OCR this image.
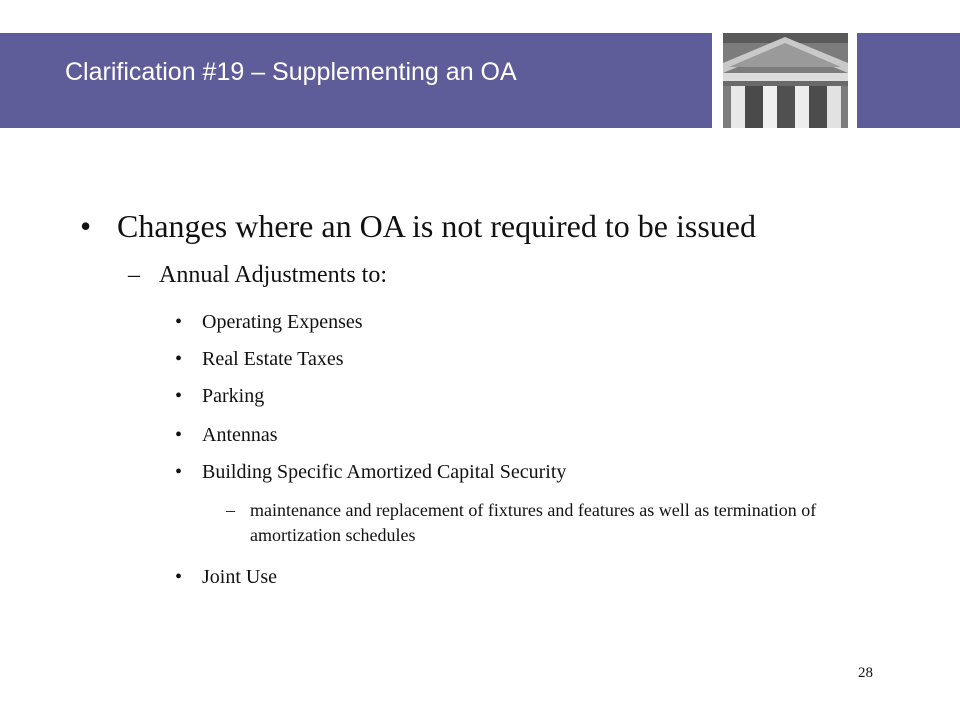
Clarification #19 – Supplementing an OA
• Changes where an OA is not required to be issued
– Annual Adjustments to:
• Operating Expenses
• Real Estate Taxes
• Parking
• Antennas
• Building Specific Amortized Capital Security
– maintenance and replacement of fixtures and features as well as termination of amortization schedules
• Joint Use
28
